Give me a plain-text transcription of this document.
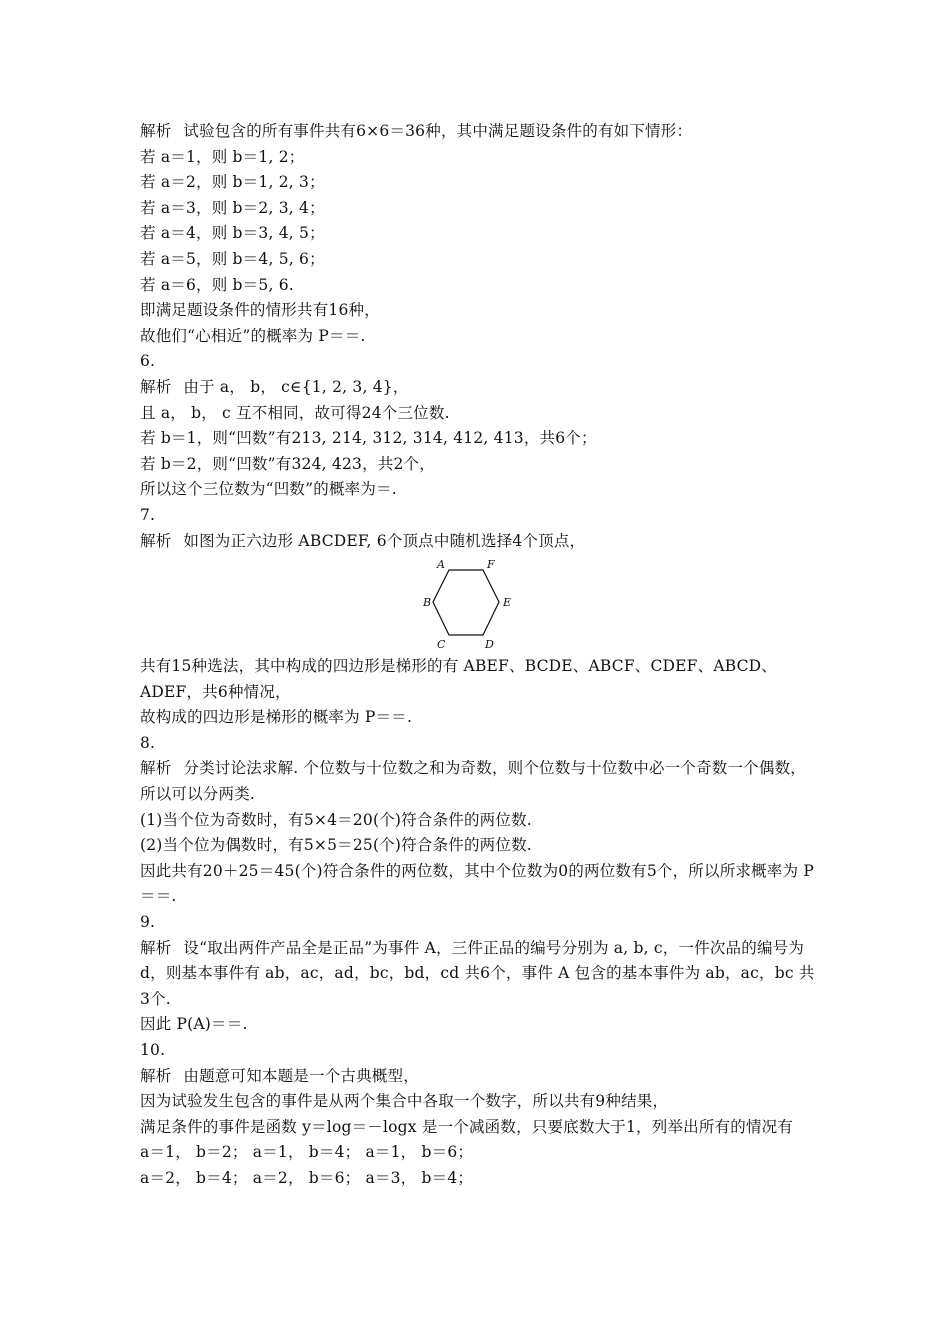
解析 试验包含的所有事件共有6×6＝36种，其中满足题设条件的有如下情形：
若 a＝1，则 b＝1, 2；
若 a＝2，则 b＝1, 2, 3；
若 a＝3，则 b＝2, 3, 4；
若 a＝4，则 b＝3, 4, 5；
若 a＝5，则 b＝4, 5, 6；
若 a＝6，则 b＝5, 6.
即满足题设条件的情形共有16种，
故他们“心相近”的概率为 P＝＝.
6.
解析 由于 a， b， c∈{1, 2, 3, 4}，
且 a， b， c 互不相同，故可得24个三位数.
若 b＝1，则“凹数”有213, 214, 312, 314, 412, 413，共6个；
若 b＝2，则“凹数”有324, 423，共2个，
所以这个三位数为“凹数”的概率为＝.
7.
解析 如图为正六边形 ABCDEF, 6个顶点中随机选择4个顶点，
A	F
B	E
C	D
共有15种选法，其中构成的四边形是梯形的有 ABEF、BCDE、ABCF、CDEF、ABCD、ADEF，共6种情况，
故构成的四边形是梯形的概率为 P＝＝.
8.
解析 分类讨论法求解. 个位数与十位数之和为奇数，则个位数与十位数中必一个奇数一个偶数，所以可以分两类.
(1)当个位为奇数时，有5×4＝20(个)符合条件的两位数.
(2)当个位为偶数时，有5×5＝25(个)符合条件的两位数.
因此共有20＋25＝45(个)符合条件的两位数，其中个位数为0的两位数有5个，所以所求概率为 P＝＝.
9.
解析 设“取出两件产品全是正品”为事件 A，三件正品的编号分别为 a, b, c，一件次品的编号为 d，则基本事件有 ab，ac，ad，bc，bd，cd 共6个，事件 A 包含的基本事件为 ab，ac，bc 共3个.
因此 P(A)＝＝.
10.
解析 由题意可知本题是一个古典概型，
因为试验发生包含的事件是从两个集合中各取一个数字，所以共有9种结果，
满足条件的事件是函数 y＝log＝－logx 是一个减函数，只要底数大于1，列举出所有的情况有
a＝1， b＝2； a＝1， b＝4； a＝1， b＝6；
a＝2， b＝4； a＝2， b＝6； a＝3， b＝4；
